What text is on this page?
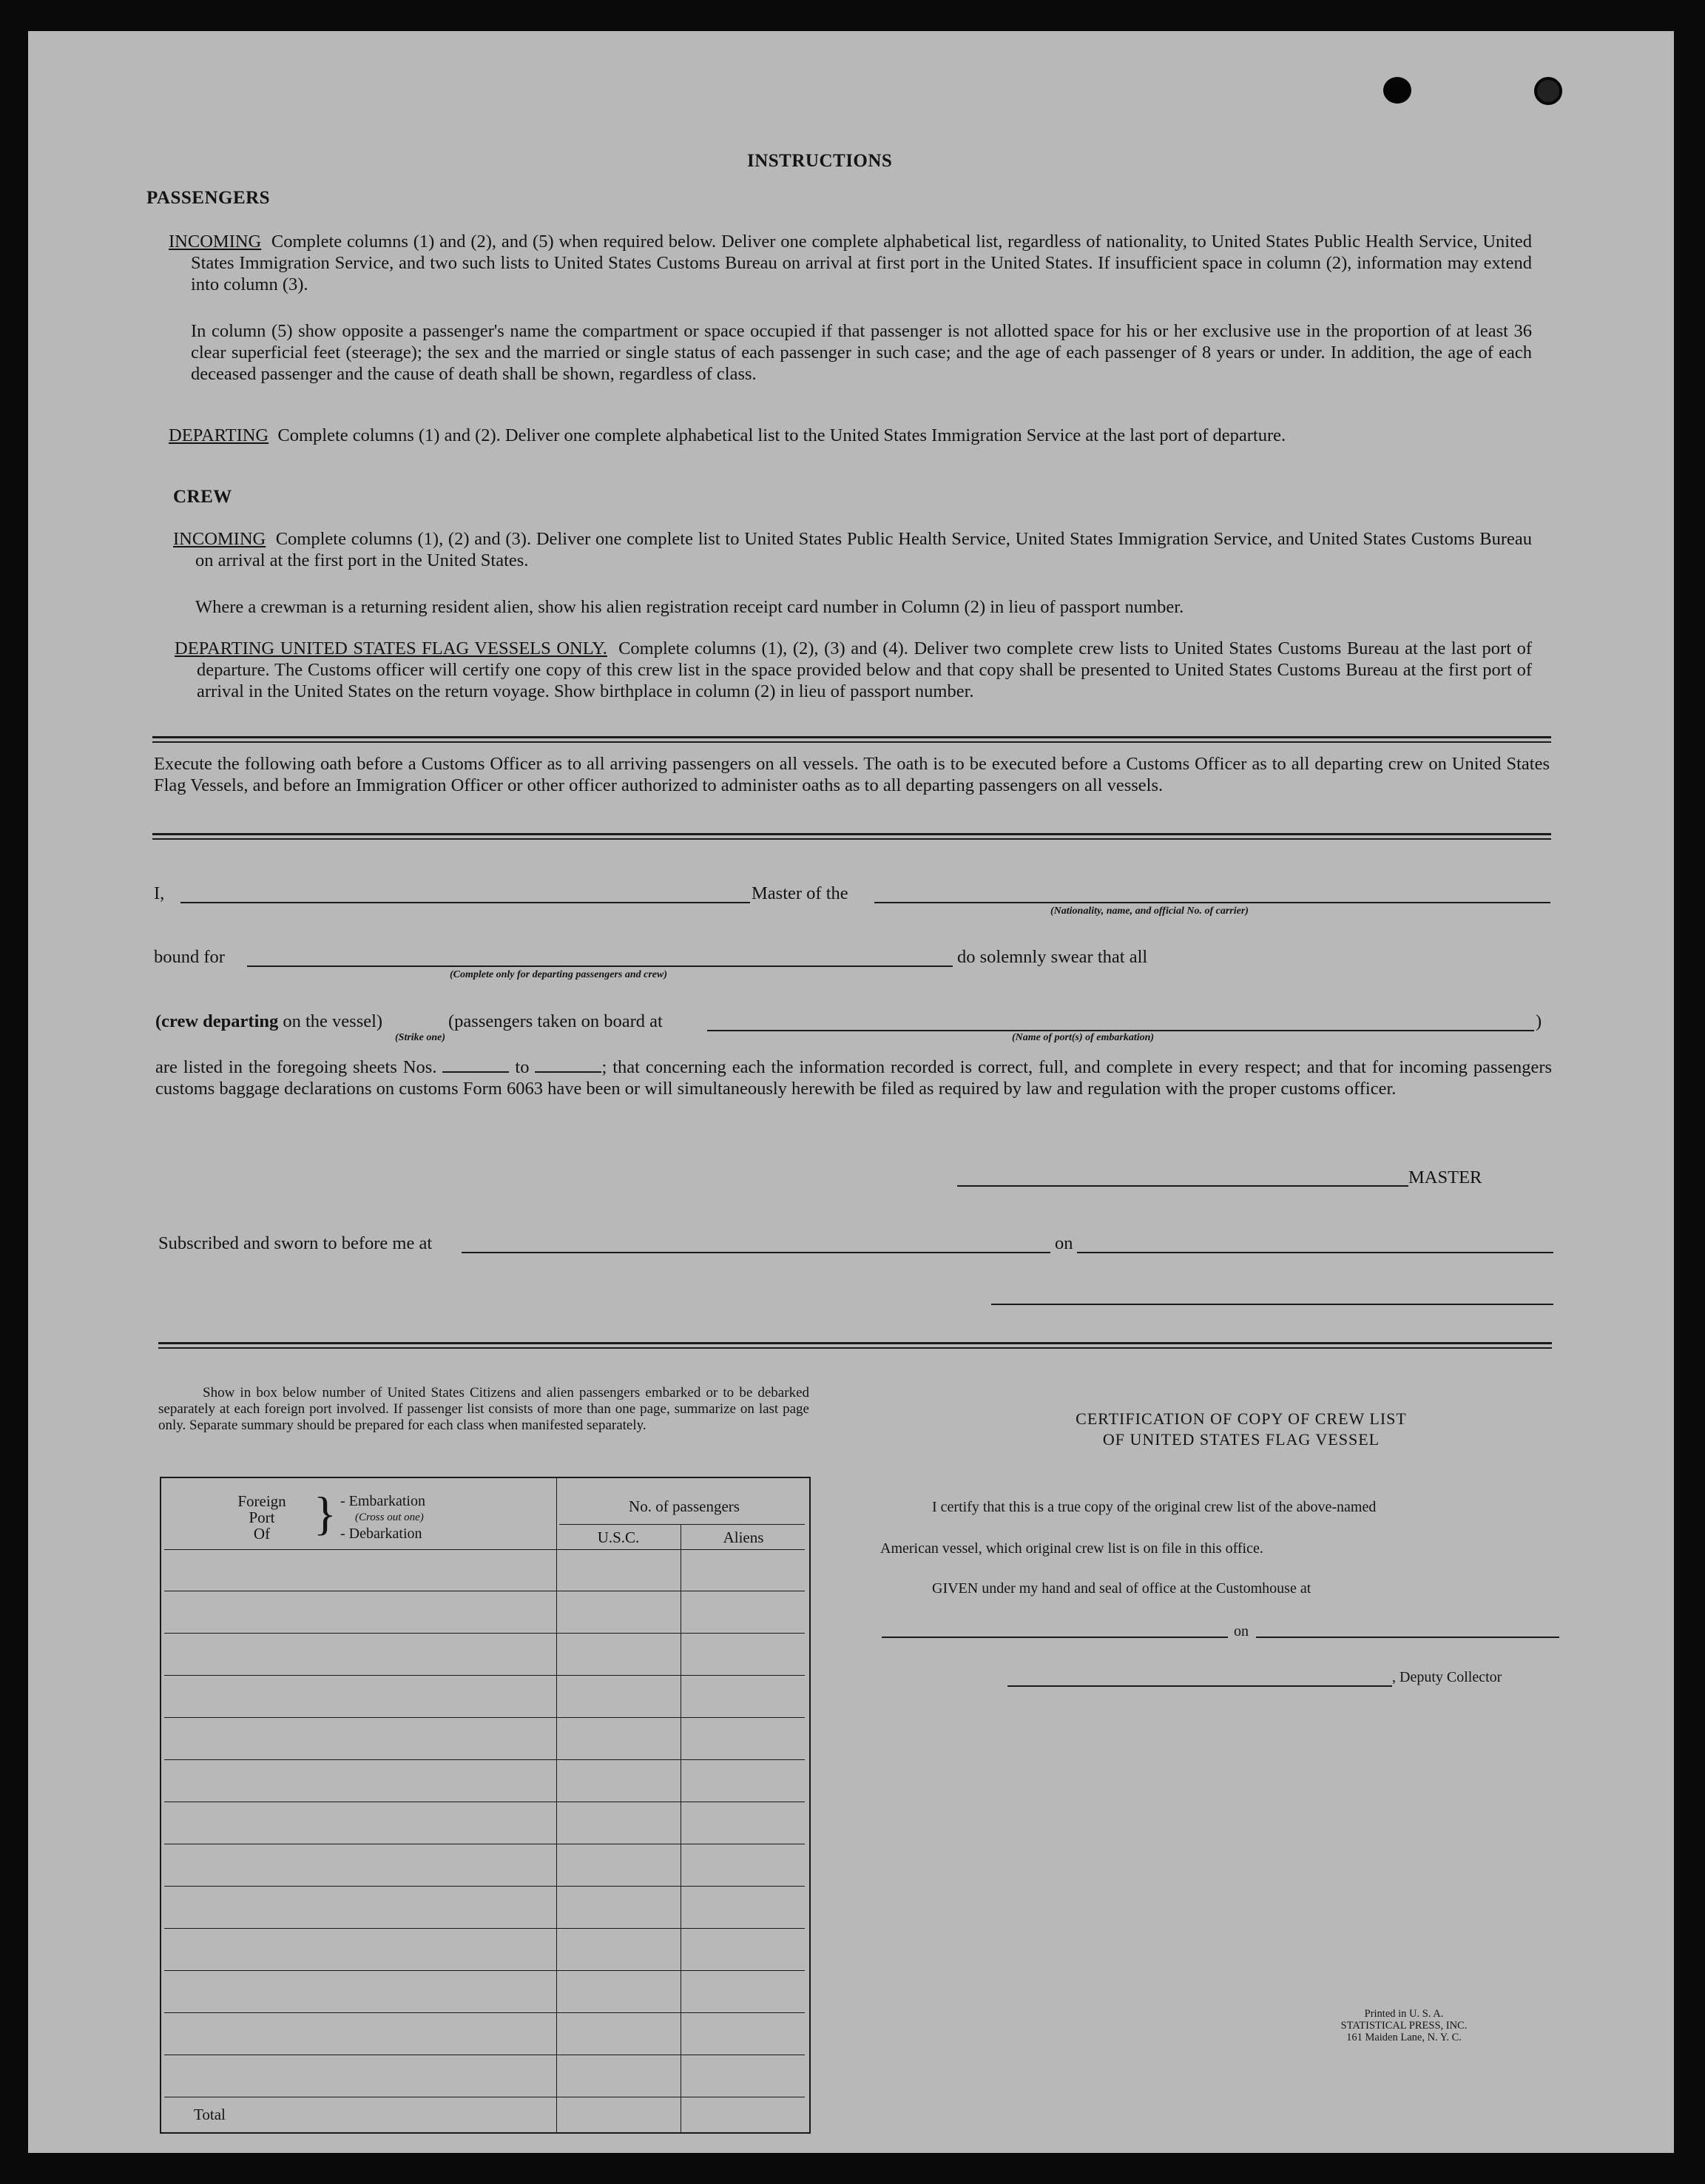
INSTRUCTIONS
PASSENGERS

INCOMING Complete columns (1) and (2), and (5) when required below. Deliver one complete alphabetical list, regardless of nationality, to United States Public Health Service, United States Immigration Service, and two such lists to United States Customs Bureau on arrival at first port in the United States. If insufficient space in column (2), information may extend into column (3).

In column (5) show opposite a passenger's name the compartment or space occupied if that passenger is not allotted space for his or her exclusive use in the proportion of at least 36 clear superficial feet (steerage); the sex and the married or single status of each passenger in such case; and the age of each passenger of 8 years or under. In addition, the age of each deceased passenger and the cause of death shall be shown, regardless of class.

DEPARTING Complete columns (1) and (2). Deliver one complete alphabetical list to the United States Immigration Service at the last port of departure.

CREW

INCOMING Complete columns (1), (2) and (3). Deliver one complete list to United States Public Health Service, United States Immigration Service, and United States Customs Bureau on arrival at the first port in the United States.

Where a crewman is a returning resident alien, show his alien registration receipt card number in Column (2) in lieu of passport number.

DEPARTING UNITED STATES FLAG VESSELS ONLY. Complete columns (1), (2), (3) and (4). Deliver two complete crew lists to United States Customs Bureau at the last port of departure. The Customs officer will certify one copy of this crew list in the space provided below and that copy shall be presented to United States Customs Bureau at the first port of arrival in the United States on the return voyage. Show birthplace in column (2) in lieu of passport number.

Execute the following oath before a Customs Officer as to all arriving passengers on all vessels. The oath is to be executed before a Customs Officer as to all departing crew on United States Flag Vessels, and before an Immigration Officer or other officer authorized to administer oaths as to all departing passengers on all vessels.

I,	Master of the
(Nationality, name, and official No. of carrier)
bound for
(Complete only for departing passengers and crew)
do solemnly swear that all
(crew departing on the vessel)	(passengers taken on board at
(Strike one)
)
(Name of port(s) of embarkation)

are listed in the foregoing sheets Nos.	to	; that concerning each the information recorded is correct, full, and complete in every respect; and that for incoming passengers customs baggage declarations on customs Form 6063 have been or will simultaneously herewith be filed as required by law and regulation with the proper customs officer.

MASTER
Subscribed and sworn to before me at	on

Show in box below number of United States Citizens and alien passengers embarked or to be debarked separately at each foreign port involved. If passenger list consists of more than one page, summarize on last page only. Separate summary should be prepared for each class when manifested separately.

Foreign
Port
Of } - Embarkation
(Cross out one)
- Debarkation
No. of passengers
U.S.C.	Aliens
Total
CERTIFICATION OF COPY OF CREW LIST
OF UNITED STATES FLAG VESSEL
I certify that this is a true copy of the original crew list of the above-named
American vessel, which original crew list is on file in this office.
GIVEN under my hand and seal of office at the Customhouse at
on
, Deputy Collector
Printed in U. S. A.
STATISTICAL PRESS, INC.
161 Maiden Lane, N. Y. C.
